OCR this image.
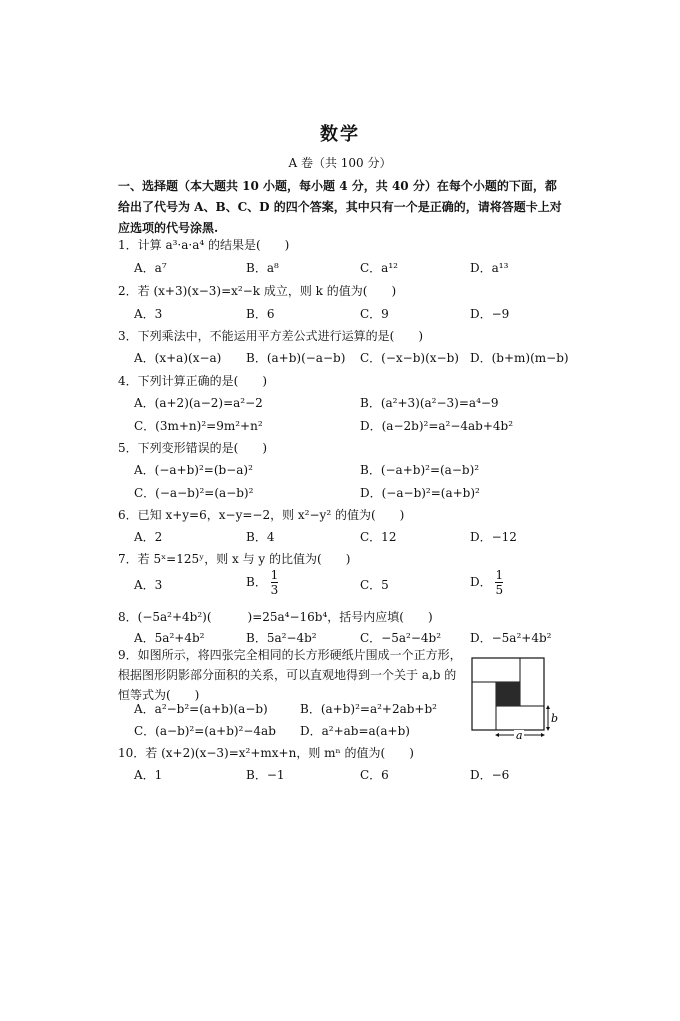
数学
A 卷（共 100 分）
一、选择题（本大题共 10 小题，每小题 4 分，共 40 分）在每个小题的下面，都给出了代号为 A、B、C、D 的四个答案，其中只有一个是正确的，请将答题卡上对应选项的代号涂黑.
1．计算 a³·a·a⁴ 的结果是(　　)
A．a⁷	B．a⁸	C．a¹²	D．a¹³
2．若 (x+3)(x−3)=x²−k 成立，则 k 的值为(　　)
A．3	B．6	C．9	D．−9
3．下列乘法中，不能运用平方差公式进行运算的是(　　)
A．(x+a)(x−a) B．(a+b)(−a−b) C．(−x−b)(x−b) D．(b+m)(m−b)
4．下列计算正确的是(　　)
A．(a+2)(a−2)=a²−2	B．(a²+3)(a²−3)=a⁴−9
C．(3m+n)²=9m²+n²	D．(a−2b)²=a²−4ab+4b²
5．下列变形错误的是(　　)
A．(−a+b)²=(b−a)²	B．(−a+b)²=(a−b)²
C．(−a−b)²=(a−b)²	D．(−a−b)²=(a+b)²
6．已知 x+y=6，x−y=−2，则 x²−y² 的值为(　　)
A．2	B．4	C．12	D．−12
7．若 5ˣ=125ʸ，则 x 与 y 的比值为(　　)
A．3	B． $\frac{1}{3}$	C．5	D． $\frac{1}{5}$
8．(−5a²+4b²)(　　　)=25a⁴−16b⁴，括号内应填(　　)
A．5a²+4b²	B．5a²−4b²	C．−5a²−4b² D．−5a²+4b²
9．如图所示，将四张完全相同的长方形硬纸片围成一个正方形，根据图形阴影部分面积的关系，可以直观地得到一个关于 a,b 的恒等式为(　　)
A．a²−b²=(a+b)(a−b)	B．(a+b)²=a²+2ab+b²
C．(a−b)²=(a+b)²−4ab D．a²+ab=a(a+b)
b
a
10．若 (x+2)(x−3)=x²+mx+n，则 mⁿ 的值为(　　)
A．1	B．−1	C．6	D．−6
